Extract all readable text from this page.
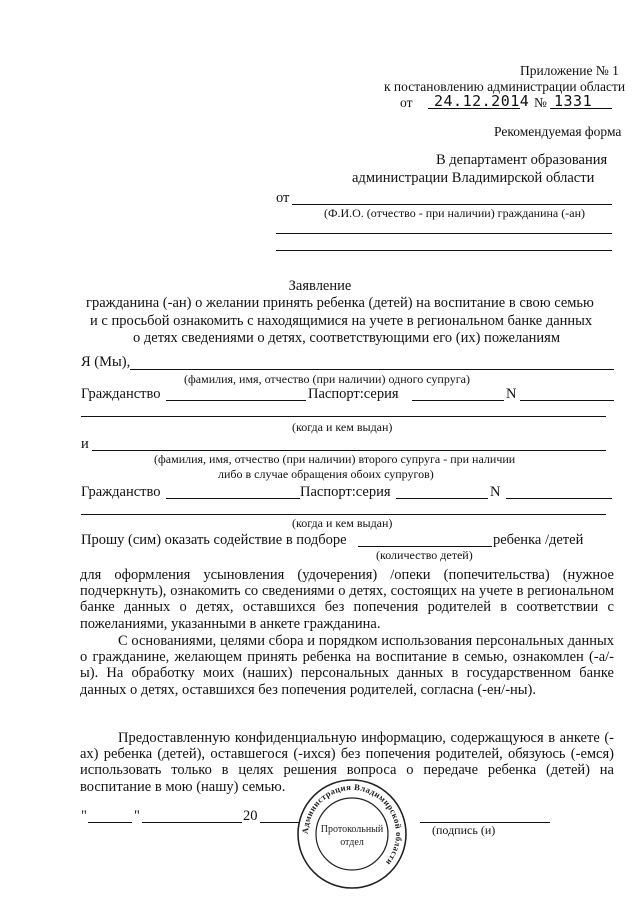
Приложение № 1
к постановлению администрации области
от 24.12.2014 № 1331
Рекомендуемая форма
В департамент образования
администрации Владимирской области
от
(Ф.И.О. (отчество - при наличии) гражданина (-ан)
Заявление
гражданина (-ан) о желании принять ребенка (детей) на воспитание в свою семью
и с просьбой ознакомить с находящимися на учете в региональном банке данных
о детях сведениями о детях, соответствующими его (их) пожеланиям
Я (Мы),
(фамилия, имя, отчество (при наличии) одного супруга)
Гражданство	Паспорт:серия	N
(когда и кем выдан)
и
(фамилия, имя, отчество (при наличии) второго супруга - при наличии
либо в случае обращения обоих супругов)
Гражданство	Паспорт:серия	N
(когда и кем выдан)
Прошу (сим) оказать содействие в подборе	ребенка /детей
(количество детей)

для оформления усыновления (удочерения) /опеки (попечительства) (нужное подчеркнуть), ознакомить со сведениями о детях, состоящих на учете в региональном банке данных о детях, оставшихся без попечения родителей в соответствии с пожеланиями, указанными в анкете гражданина.

С основаниями, целями сбора и порядком использования персональных данных о гражданине, желающем принять ребенка на воспитание в семью, ознакомлен (-а/-ы). На обработку моих (наших) персональных данных в государственном банке данных о детях, оставшихся без попечения родителей, согласна (-ен/-ны).

Предоставленную конфиденциальную информацию, содержащуюся в анкете (-ах) ребенка (детей), оставшегося (-ихся) без попечения родителей, обязуюсь (-емся) использовать только в целях решения вопроса о передаче ребенка (детей) на воспитание в мою (нашу) семью.

"	"	20
(подпись (и)
Администрация Владимирской области
Протокольный
отдел
